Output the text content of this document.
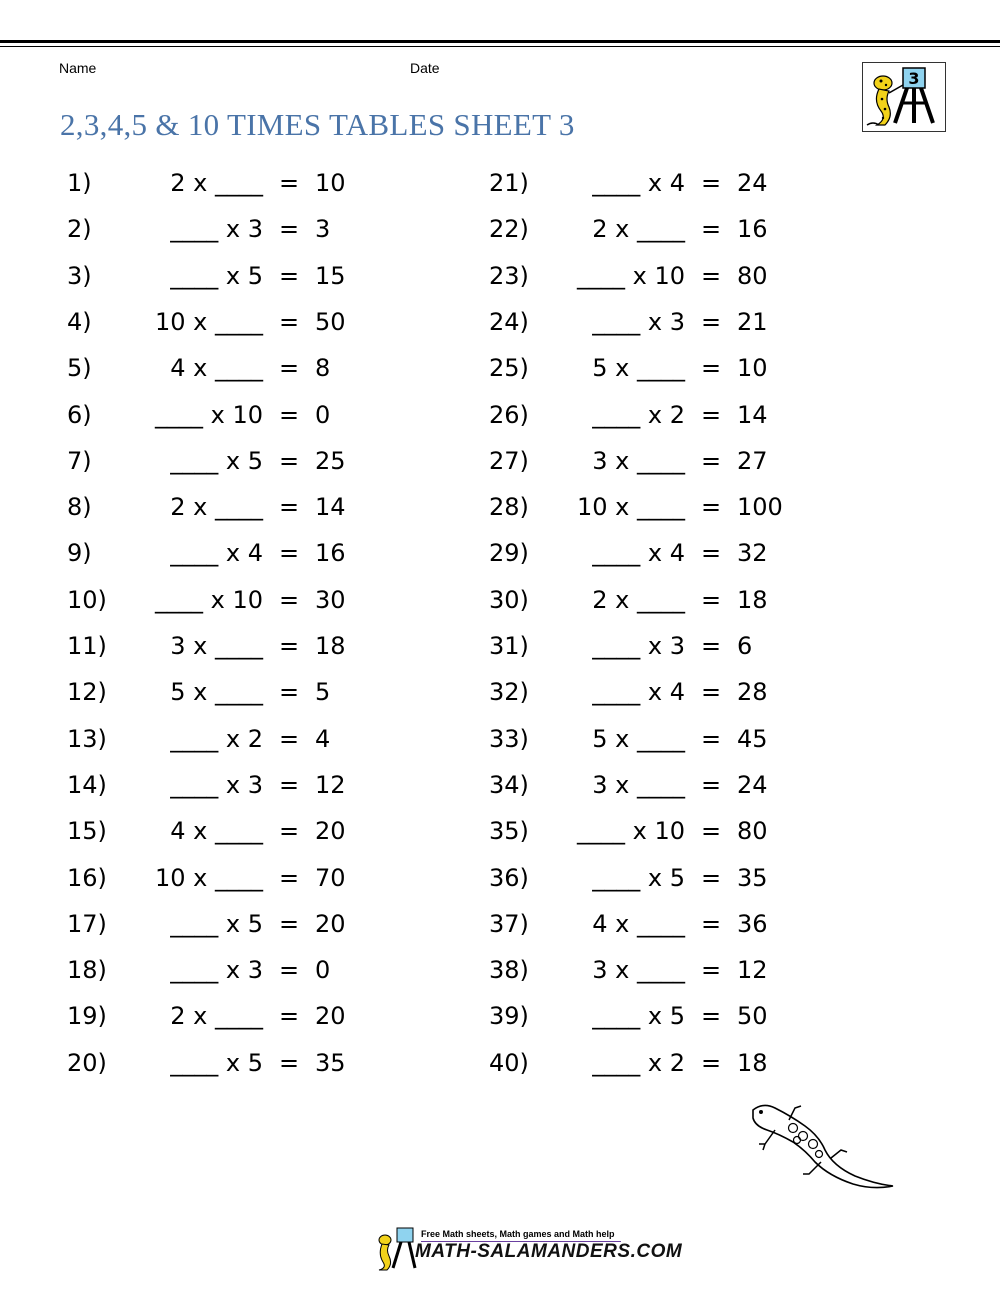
Name	Date
2,3,4,5 & 10 TIMES TABLES SHEET 3
3
1)	2 x ____ = 10
2)	____ x 3 = 3
3)	____ x 5 = 15
4)	10 x ____ = 50
5)	4 x ____ = 8
6)	____ x 10 = 0
7)	____ x 5 = 25
8)	2 x ____ = 14
9)	____ x 4 = 16
10) ____ x 10 = 30
11)	3 x ____ = 18
12)	5 x ____ = 5
13)	____ x 2 = 4
14)	____ x 3 = 12
15)	4 x ____ = 20
16) 10 x ____ = 70
17)	____ x 5 = 20
18)	____ x 3 = 0
19)	2 x ____ = 20
20)	____ x 5 = 35
21)	____ x 4 = 24
22)	2 x ____ = 16
23) ____ x 10 = 80
24)	____ x 3 = 21
25)	5 x ____ = 10
26)	____ x 2 = 14
27)	3 x ____ = 27
28) 10 x ____ = 100
29)	____ x 4 = 32
30)	2 x ____ = 18
31)	____ x 3 = 6
32)	____ x 4 = 28
33)	5 x ____ = 45
34)	3 x ____ = 24
35) ____ x 10 = 80
36)	____ x 5 = 35
37)	4 x ____ = 36
38)	3 x ____ = 12
39)	____ x 5 = 50
40)	____ x 2 = 18
Free Math sheets, Math games and Math help
MATH-SALAMANDERS.COM
